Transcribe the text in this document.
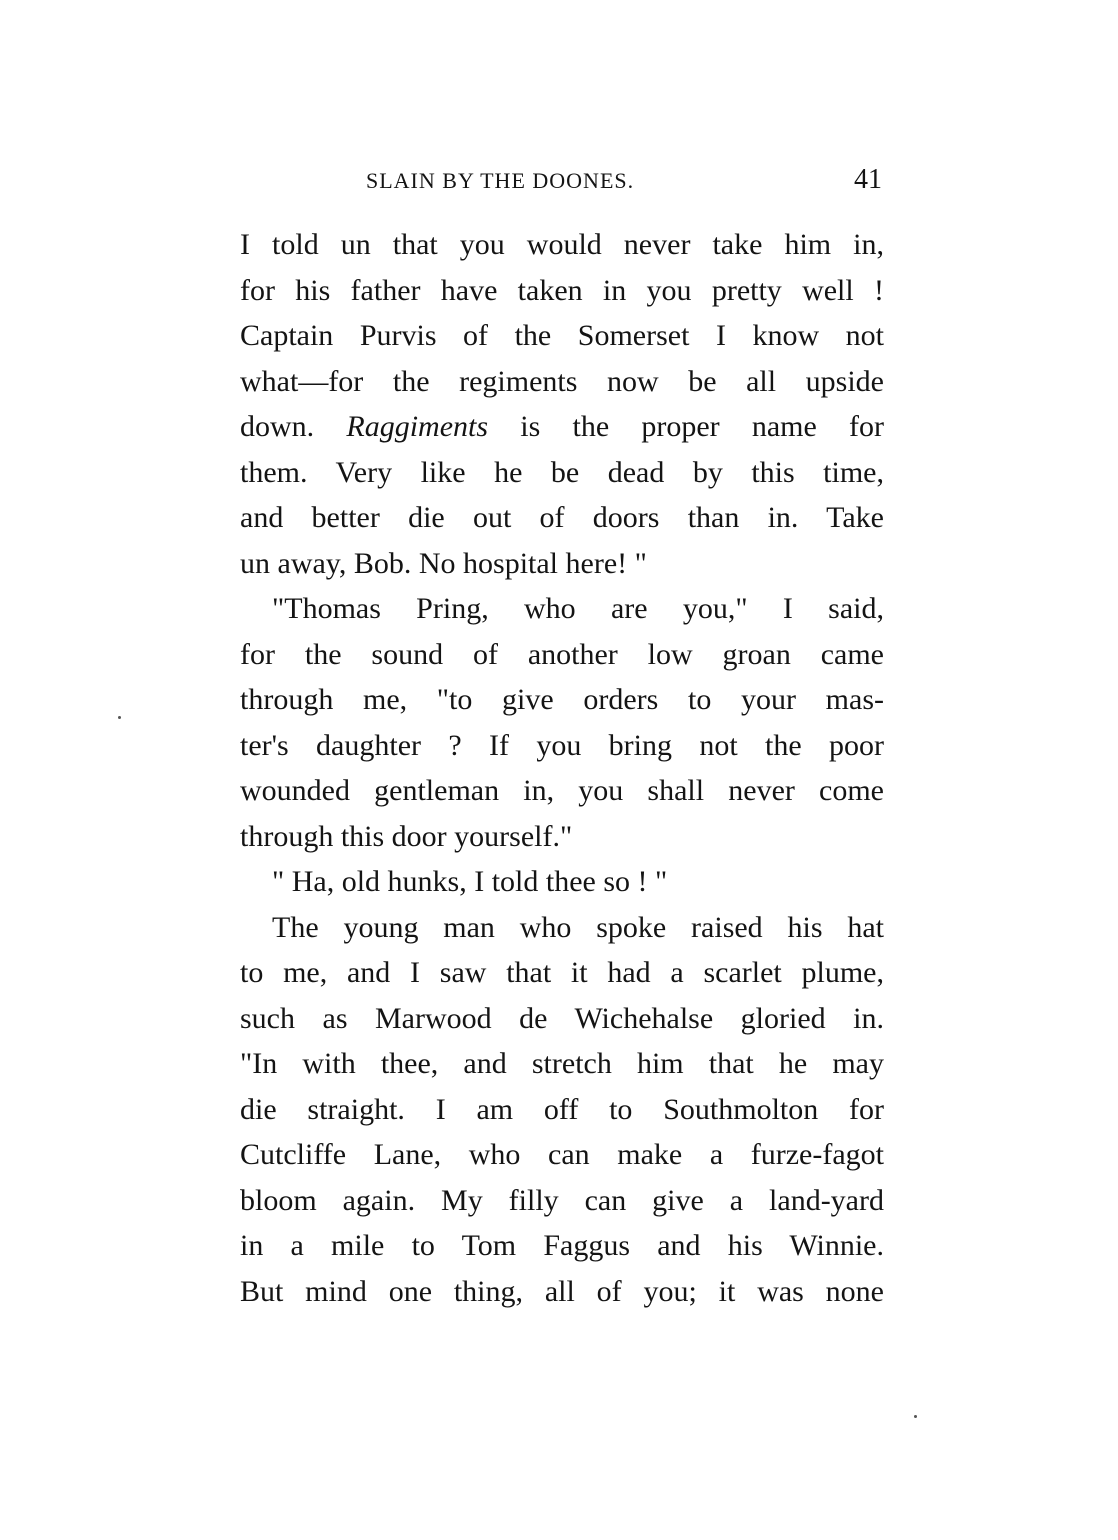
SLAIN BY THE DOONES.	41
I told un that you would never take him in,
for his father have taken in you pretty well !
Captain Purvis of the Somerset I know not
what—for the regiments now be all upside
down. Raggiments is the proper name for
them. Very like he be dead by this time,
and better die out of doors than in. Take
un away, Bob. No hospital here! "
"Thomas Pring, who are you," I said,
for the sound of another low groan came
through me, "to give orders to your mas-
ter's daughter ? If you bring not the poor
wounded gentleman in, you shall never come
through this door yourself."
" Ha, old hunks, I told thee so ! "
The young man who spoke raised his hat
to me, and I saw that it had a scarlet plume,
such as Marwood de Wichehalse gloried in.
"In with thee, and stretch him that he may
die straight. I am off to Southmolton for
Cutcliffe Lane, who can make a furze-fagot
bloom again. My filly can give a land-yard
in a mile to Tom Faggus and his Winnie.
But mind one thing, all of you; it was none
